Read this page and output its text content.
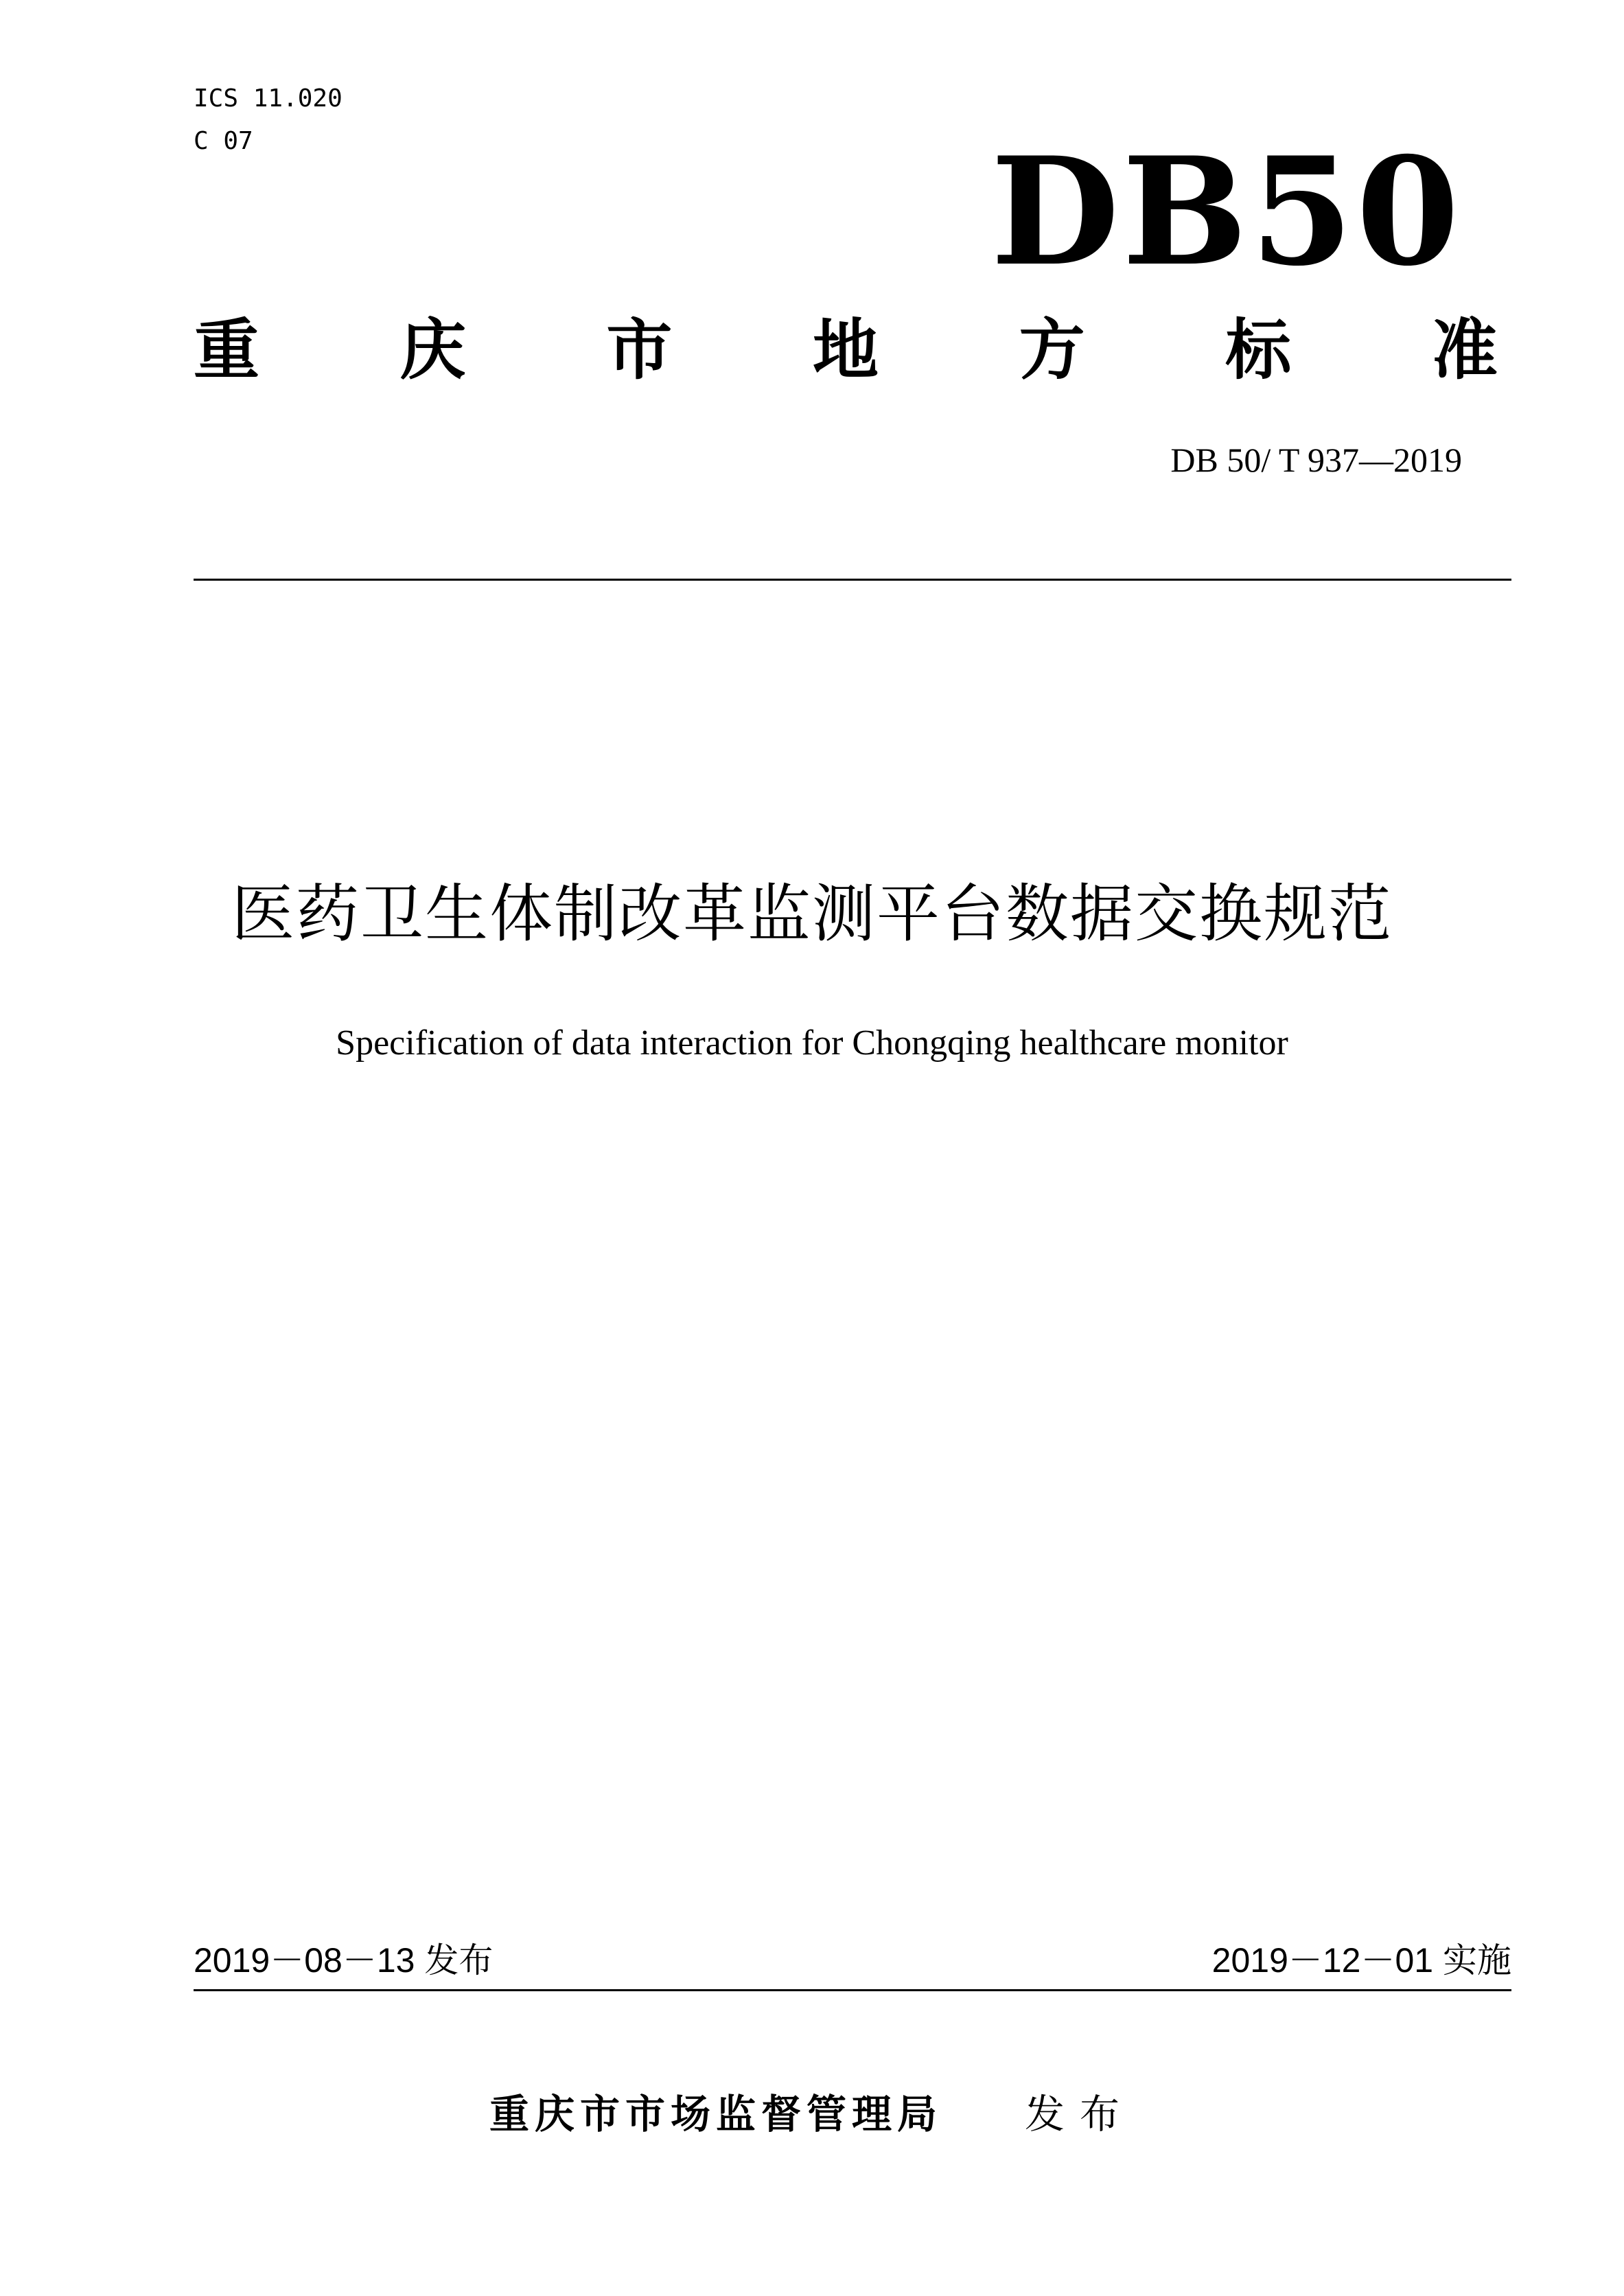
ICS 11.020
C 07	DB50
重 庆 市 地 方 标 准
DB 50/ T 937—2019
医药卫生体制改革监测平台数据交换规范
Specification of data interaction for Chongqing healthcare monitor
2019－08－13 发布	2019－12－01 实施
重庆市市场监督管理局 发布
